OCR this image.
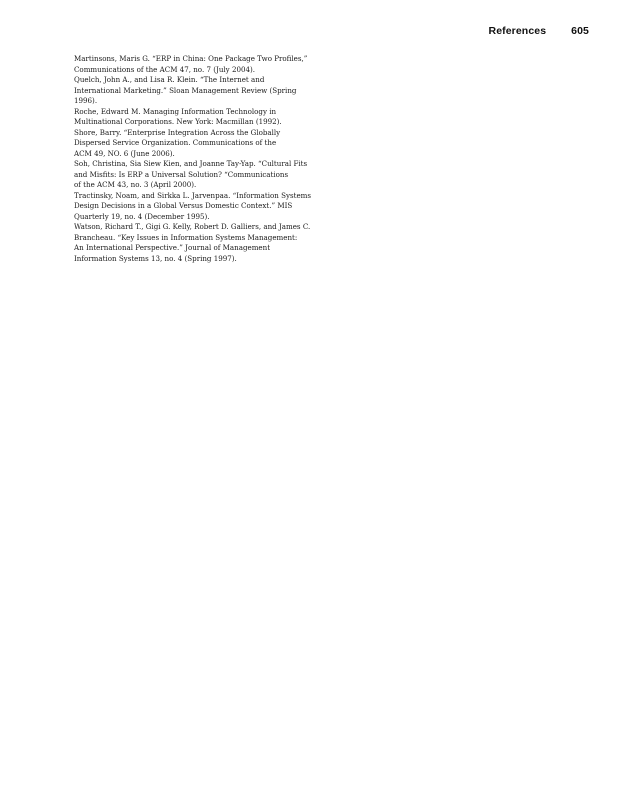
References 605
Martinsons, Maris G. “ERP in China: One Package Two Profiles,”
Communications of the ACM 47, no. 7 (July 2004).
Quelch, John A., and Lisa R. Klein. “The Internet and
International Marketing.” Sloan Management Review (Spring
1996).
Roche, Edward M. Managing Information Technology in
Multinational Corporations. New York: Macmillan (1992).
Shore, Barry. “Enterprise Integration Across the Globally
Dispersed Service Organization. Communications of the
ACM 49, NO. 6 (June 2006).
Soh, Christina, Sia Siew Kien, and Joanne Tay-Yap. “Cultural Fits
and Misfits: Is ERP a Universal Solution? “Communications
of the ACM 43, no. 3 (April 2000).
Tractinsky, Noam, and Sirkka L. Jarvenpaa. “Information Systems
Design Decisions in a Global Versus Domestic Context.” MIS
Quarterly 19, no. 4 (December 1995).
Watson, Richard T., Gigi G. Kelly, Robert D. Galliers, and James C.
Brancheau. “Key Issues in Information Systems Management:
An International Perspective.” Journal of Management
Information Systems 13, no. 4 (Spring 1997).
